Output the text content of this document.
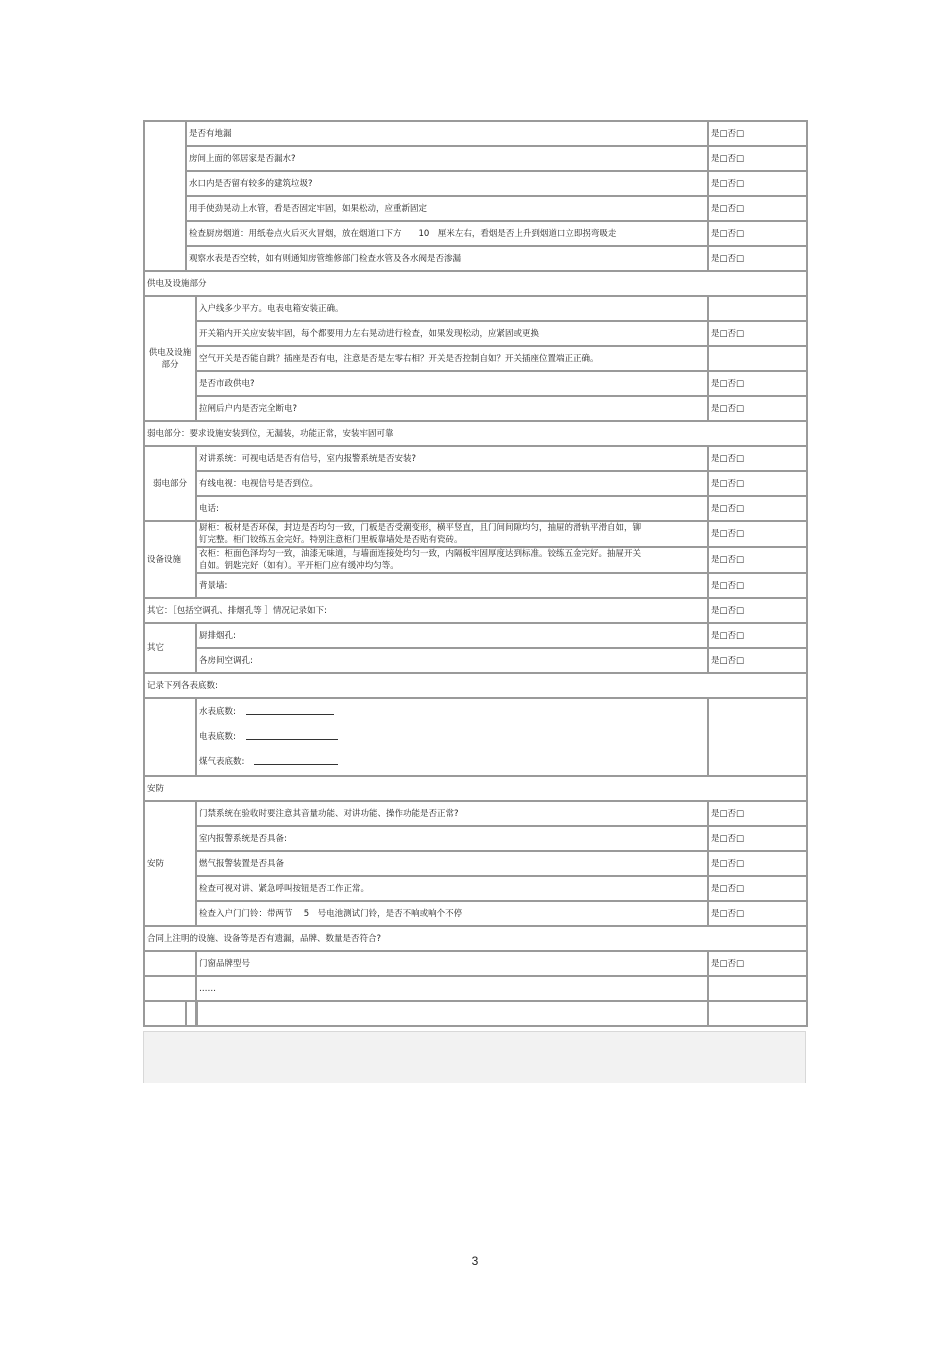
	是否有地漏		是□否□
	房间上面的邻居家是否漏水?		是□否□
	水口内是否留有较多的建筑垃圾?		是□否□
	用手使劲晃动上水管，看是否固定牢固，如果松动，应重新固定		是□否□
	检查厨房烟道：用纸卷点火后灭火冒烟，放在烟道口下方　　10　厘米左右，看烟是否上升到烟道口立即拐弯吸走		是□否□
	观察水表是否空转，如有则通知房管维修部门检查水管及各水阀是否渗漏		是□否□
供电及设施部分			
供电及设施部分		入户线多少平方。电表电箱安装正确。	
		开关箱内开关应安装牢固，每个都要用力左右晃动进行检查，如果发现松动，应紧固或更换	是□否□
		空气开关是否能自跳？插座是否有电，注意是否是左零右相？开关是否控制自如？开关插座位置端正正确。	
		是否市政供电?	是□否□
		拉闸后户内是否完全断电?	是□否□
弱电部分：要求设施安装到位，无漏装，功能正常，安装牢固可靠			
弱电部分		对讲系统：可视电话是否有信号，室内报警系统是否安装?	是□否□
		有线电视：电视信号是否到位。	是□否□
		电话:	是□否□
设备设施		厨柜：板材是否环保，封边是否均匀一致，门板是否受潮变形，横平竖直，且门间间隙均匀，抽屉的滑轨平滑自如，铆
钉完整。柜门铰练五金完好。特别注意柜门里板靠墙处是否贴有瓷砖。	是□否□

		衣柜：柜面色泽均匀一致，油漆无味道，与墙面连接处均匀一致，内隔板牢固厚度达到标准。铰练五金完好。抽屉开关
自如。钥匙完好（如有）。平开柜门应有缓冲均匀等。	是□否□
		背景墙:	是□否□
其它：［包括空调孔、排烟孔等 ］情况记录如下:			是□否□
其它		厨排烟孔:	是□否□
		各房间空调孔:	是□否□
记录下列各表底数:			

		水表底数:
电表底数:
煤气表底数:	

安防			
安防		门禁系统在验收时要注意其音量功能、对讲功能、操作功能是否正常?	是□否□
		室内报警系统是否具备:	是□否□
		燃气报警装置是否具备	是□否□
		检查可视对讲、紧急呼叫按钮是否工作正常。	是□否□
		检查入户门门铃：带两节　 5　号电池测试门铃，是否不响或响个不停	是□否□
合同上注明的设施、设备等是否有遗漏，品牌、数量是否符合?			
		门窗品牌型号	是□否□
		……	

3
